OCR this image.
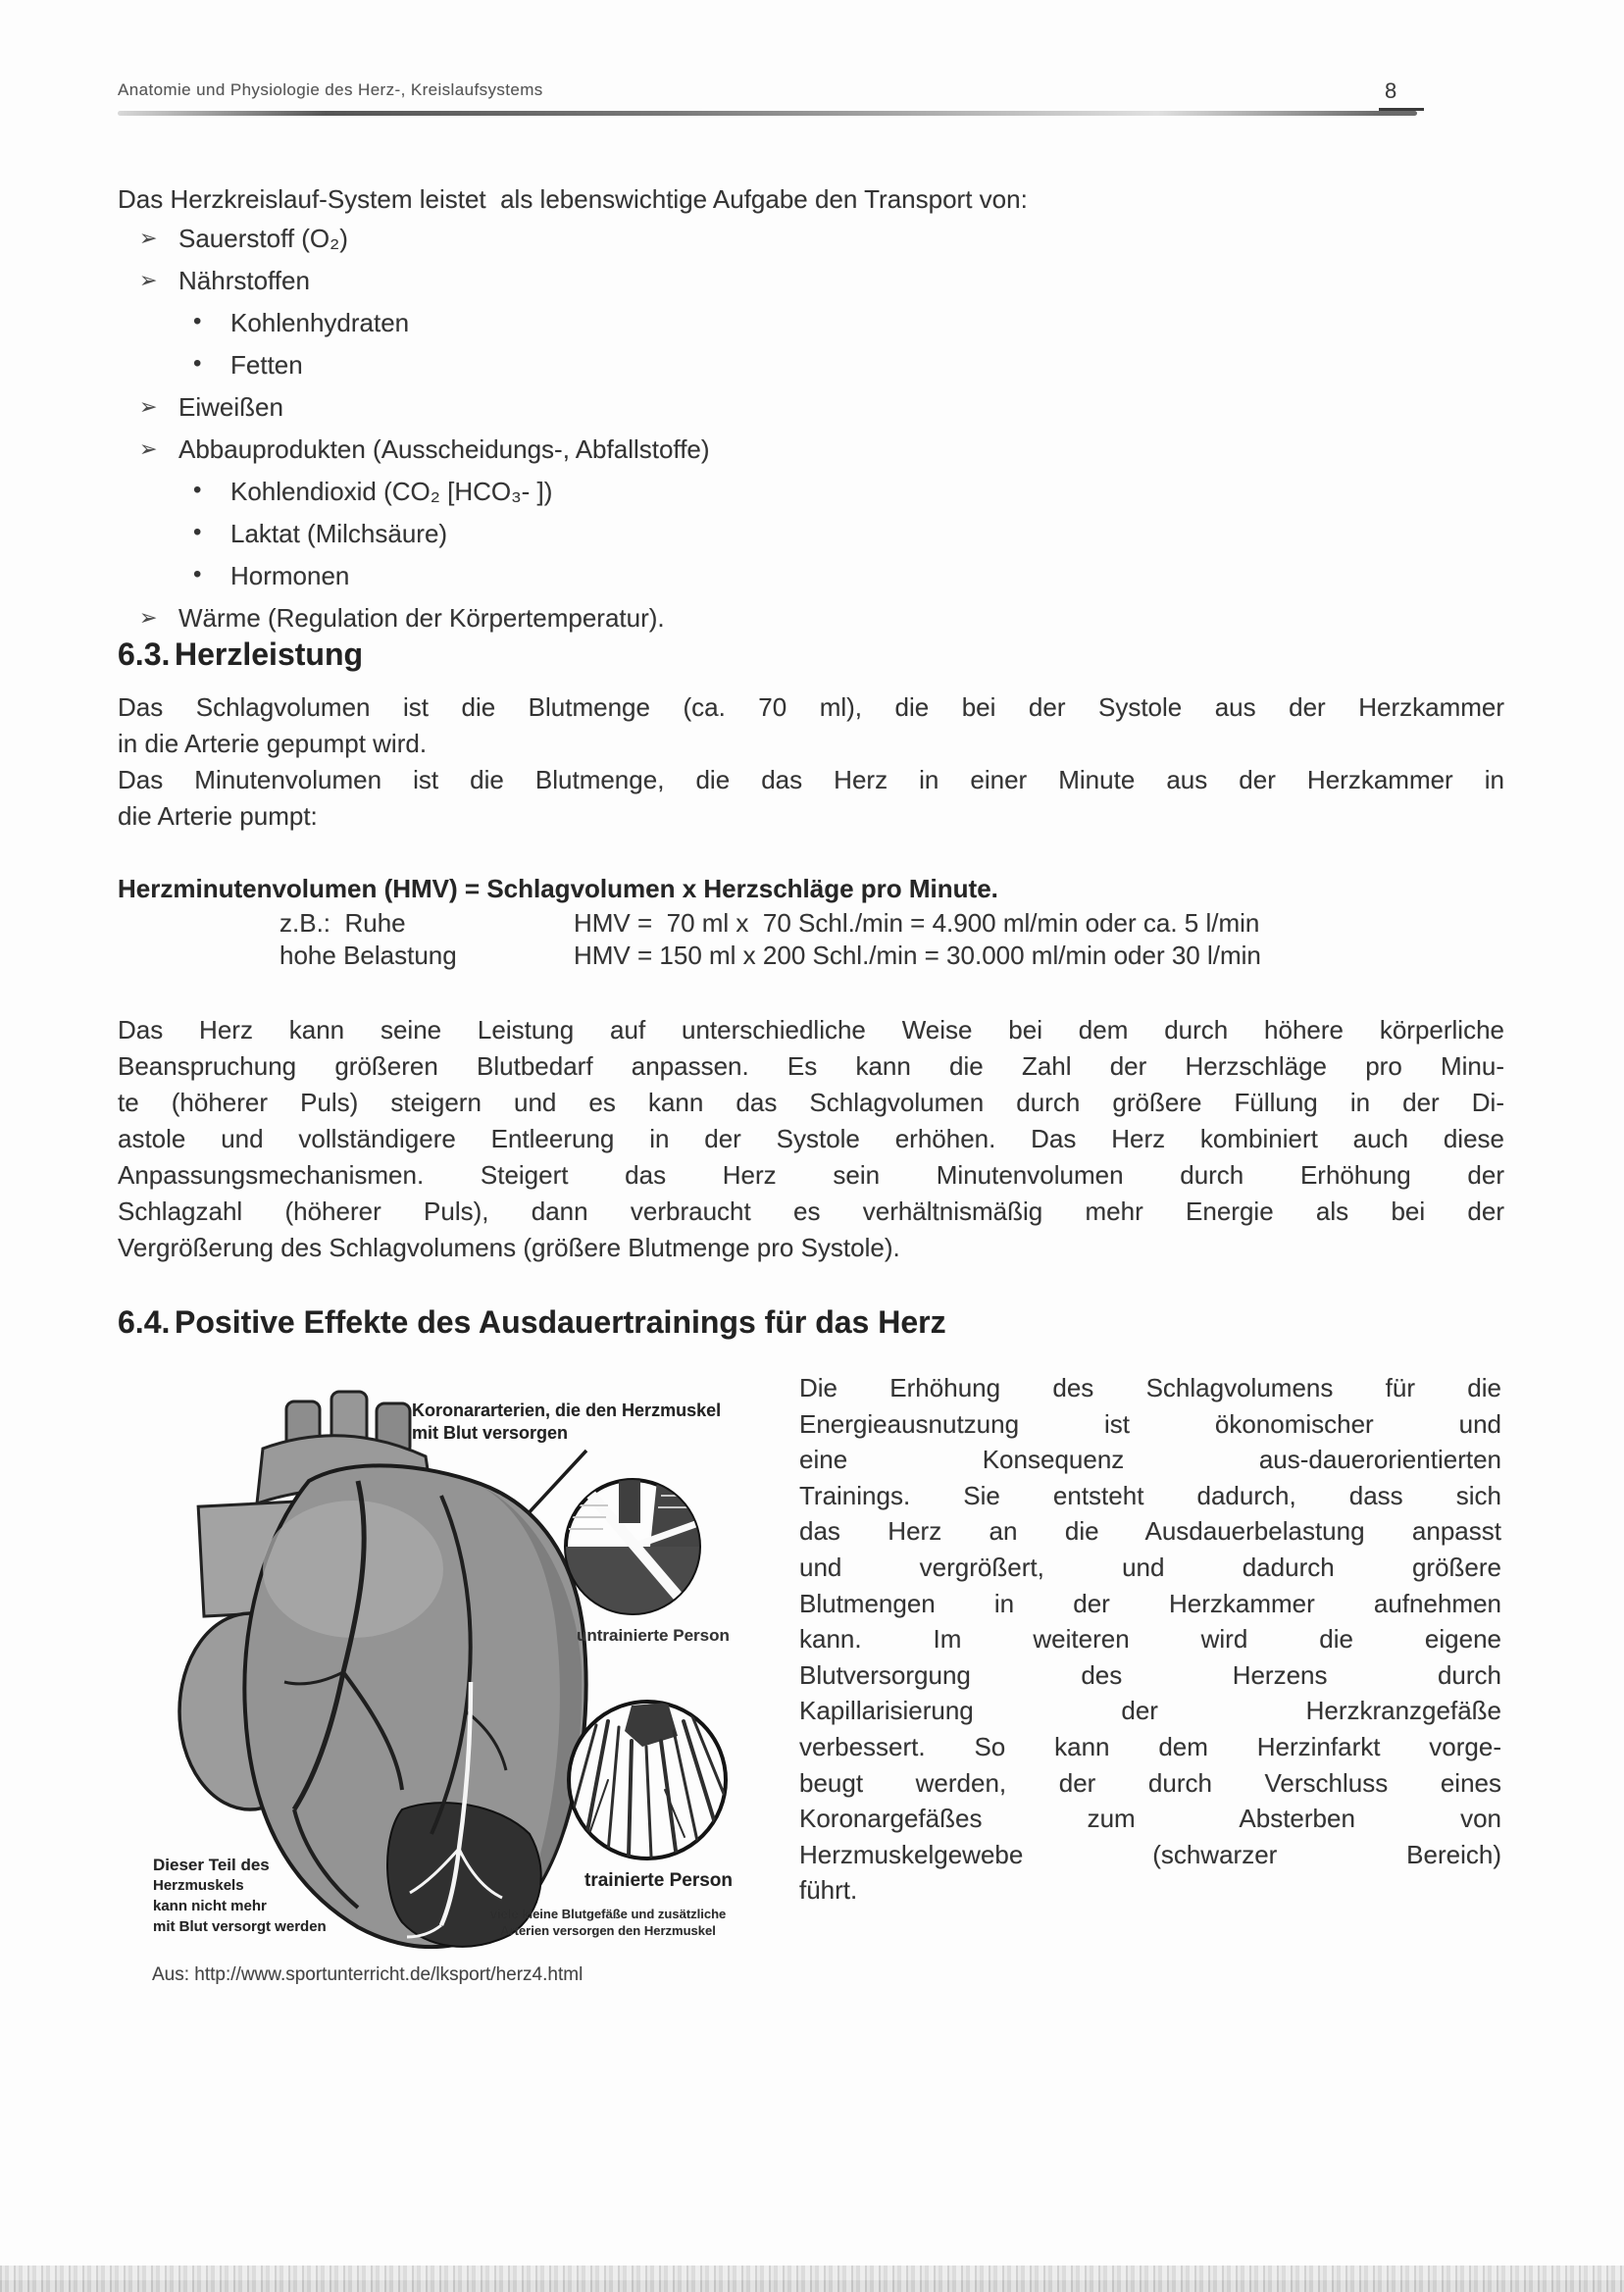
Anatomie und Physiologie des Herz-, Kreislaufsystems	8
Das Herzkreislauf-System leistet  als lebenswichtige Aufgabe den Transport von:
➢ Sauerstoff (O₂)
➢ Nährstoffen
•	Kohlenhydraten
•	Fetten
➢ Eiweißen
➢ Abbauprodukten (Ausscheidungs-, Abfallstoffe)
•	Kohlendioxid (CO₂ [HCO₃- ])
•	Laktat (Milchsäure)
•	Hormonen
➢ Wärme (Regulation der Körpertemperatur).
6.3. Herzleistung
Das Schlagvolumen ist die Blutmenge (ca. 70 ml), die bei der Systole aus der Herzkammer
in die Arterie gepumpt wird.
Das Minutenvolumen ist die Blutmenge, die das Herz in einer Minute aus der Herzkammer in
die Arterie pumpt:
Herzminutenvolumen (HMV) = Schlagvolumen x Herzschläge pro Minute.
z.B.:  Ruhe	HMV =  70 ml x  70 Schl./min = 4.900 ml/min oder ca. 5 l/min
hohe Belastung	HMV = 150 ml x 200 Schl./min = 30.000 ml/min oder 30 l/min
Das Herz kann seine Leistung auf unterschiedliche Weise bei dem durch höhere körperliche
Beanspruchung größeren Blutbedarf anpassen. Es kann die Zahl der Herzschläge pro Minu-
te (höherer Puls) steigern und es kann das Schlagvolumen durch größere Füllung in der Di-
astole und vollständigere Entleerung in der Systole erhöhen. Das Herz kombiniert auch diese
Anpassungsmechanismen. Steigert das Herz sein Minutenvolumen durch Erhöhung der
Schlagzahl (höherer Puls), dann verbraucht es verhältnismäßig mehr Energie als bei der
Vergrößerung des Schlagvolumens (größere Blutmenge pro Systole).
6.4. Positive Effekte des Ausdauertrainings für das Herz
Die Erhöhung des Schlagvolumens für die
Energieausnutzung ist ökonomischer und
eine Konsequenz aus-dauerorientierten
Trainings. Sie entsteht dadurch, dass sich
das Herz an die Ausdauerbelastung anpasst
und vergrößert, und dadurch größere
Blutmengen in der Herzkammer aufnehmen
kann. Im weiteren wird die eigene
Blutversorgung des Herzens durch
Kapillarisierung der Herzkranzgefäße
verbessert. So kann dem Herzinfarkt vorge-
beugt werden, der durch Verschluss eines
Koronargefäßes zum Absterben von
Herzmuskelgewebe (schwarzer Bereich)
führt.
Koronararterien, die den Herzmuskel
mit Blut versorgen
untrainierte Person
trainierte Person
viele kleine Blutgefäße und zusätzliche
Arterien versorgen den Herzmuskel
Dieser Teil des
Herzmuskels
kann nicht mehr
mit Blut versorgt werden
Aus: http://www.sportunterricht.de/lksport/herz4.html
